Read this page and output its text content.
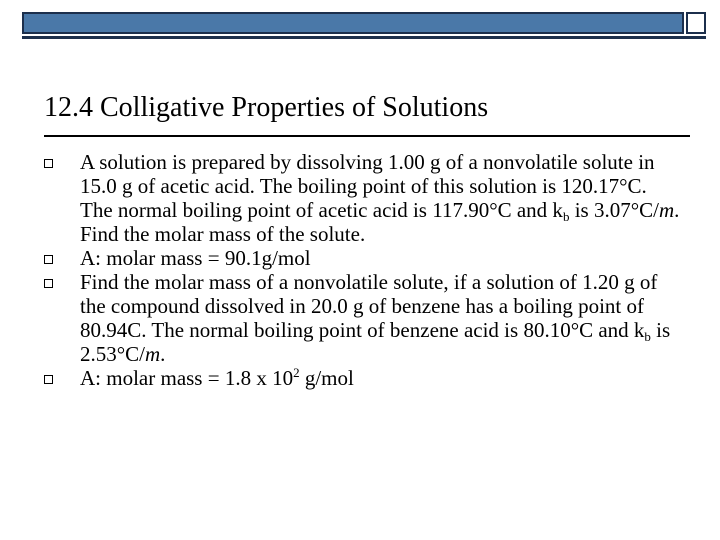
12.4 Colligative Properties of Solutions
A solution is prepared by dissolving 1.00 g of a nonvolatile solute in 15.0 g of acetic acid. The boiling point of this solution is 120.17°C. The normal boiling point of acetic acid is 117.90°C and $k_b$ is 3.07°C/m. Find the molar mass of the solute.
A: molar mass = 90.1g/mol
Find the molar mass of a nonvolatile solute, if a solution of 1.20 g of the compound dissolved in 20.0 g of benzene has a boiling point of 80.94C. The normal boiling point of benzene acid is 80.10°C and $k_b$ is 2.53°C/m.
A: molar mass = 1.8 x $10^2$ g/mol
